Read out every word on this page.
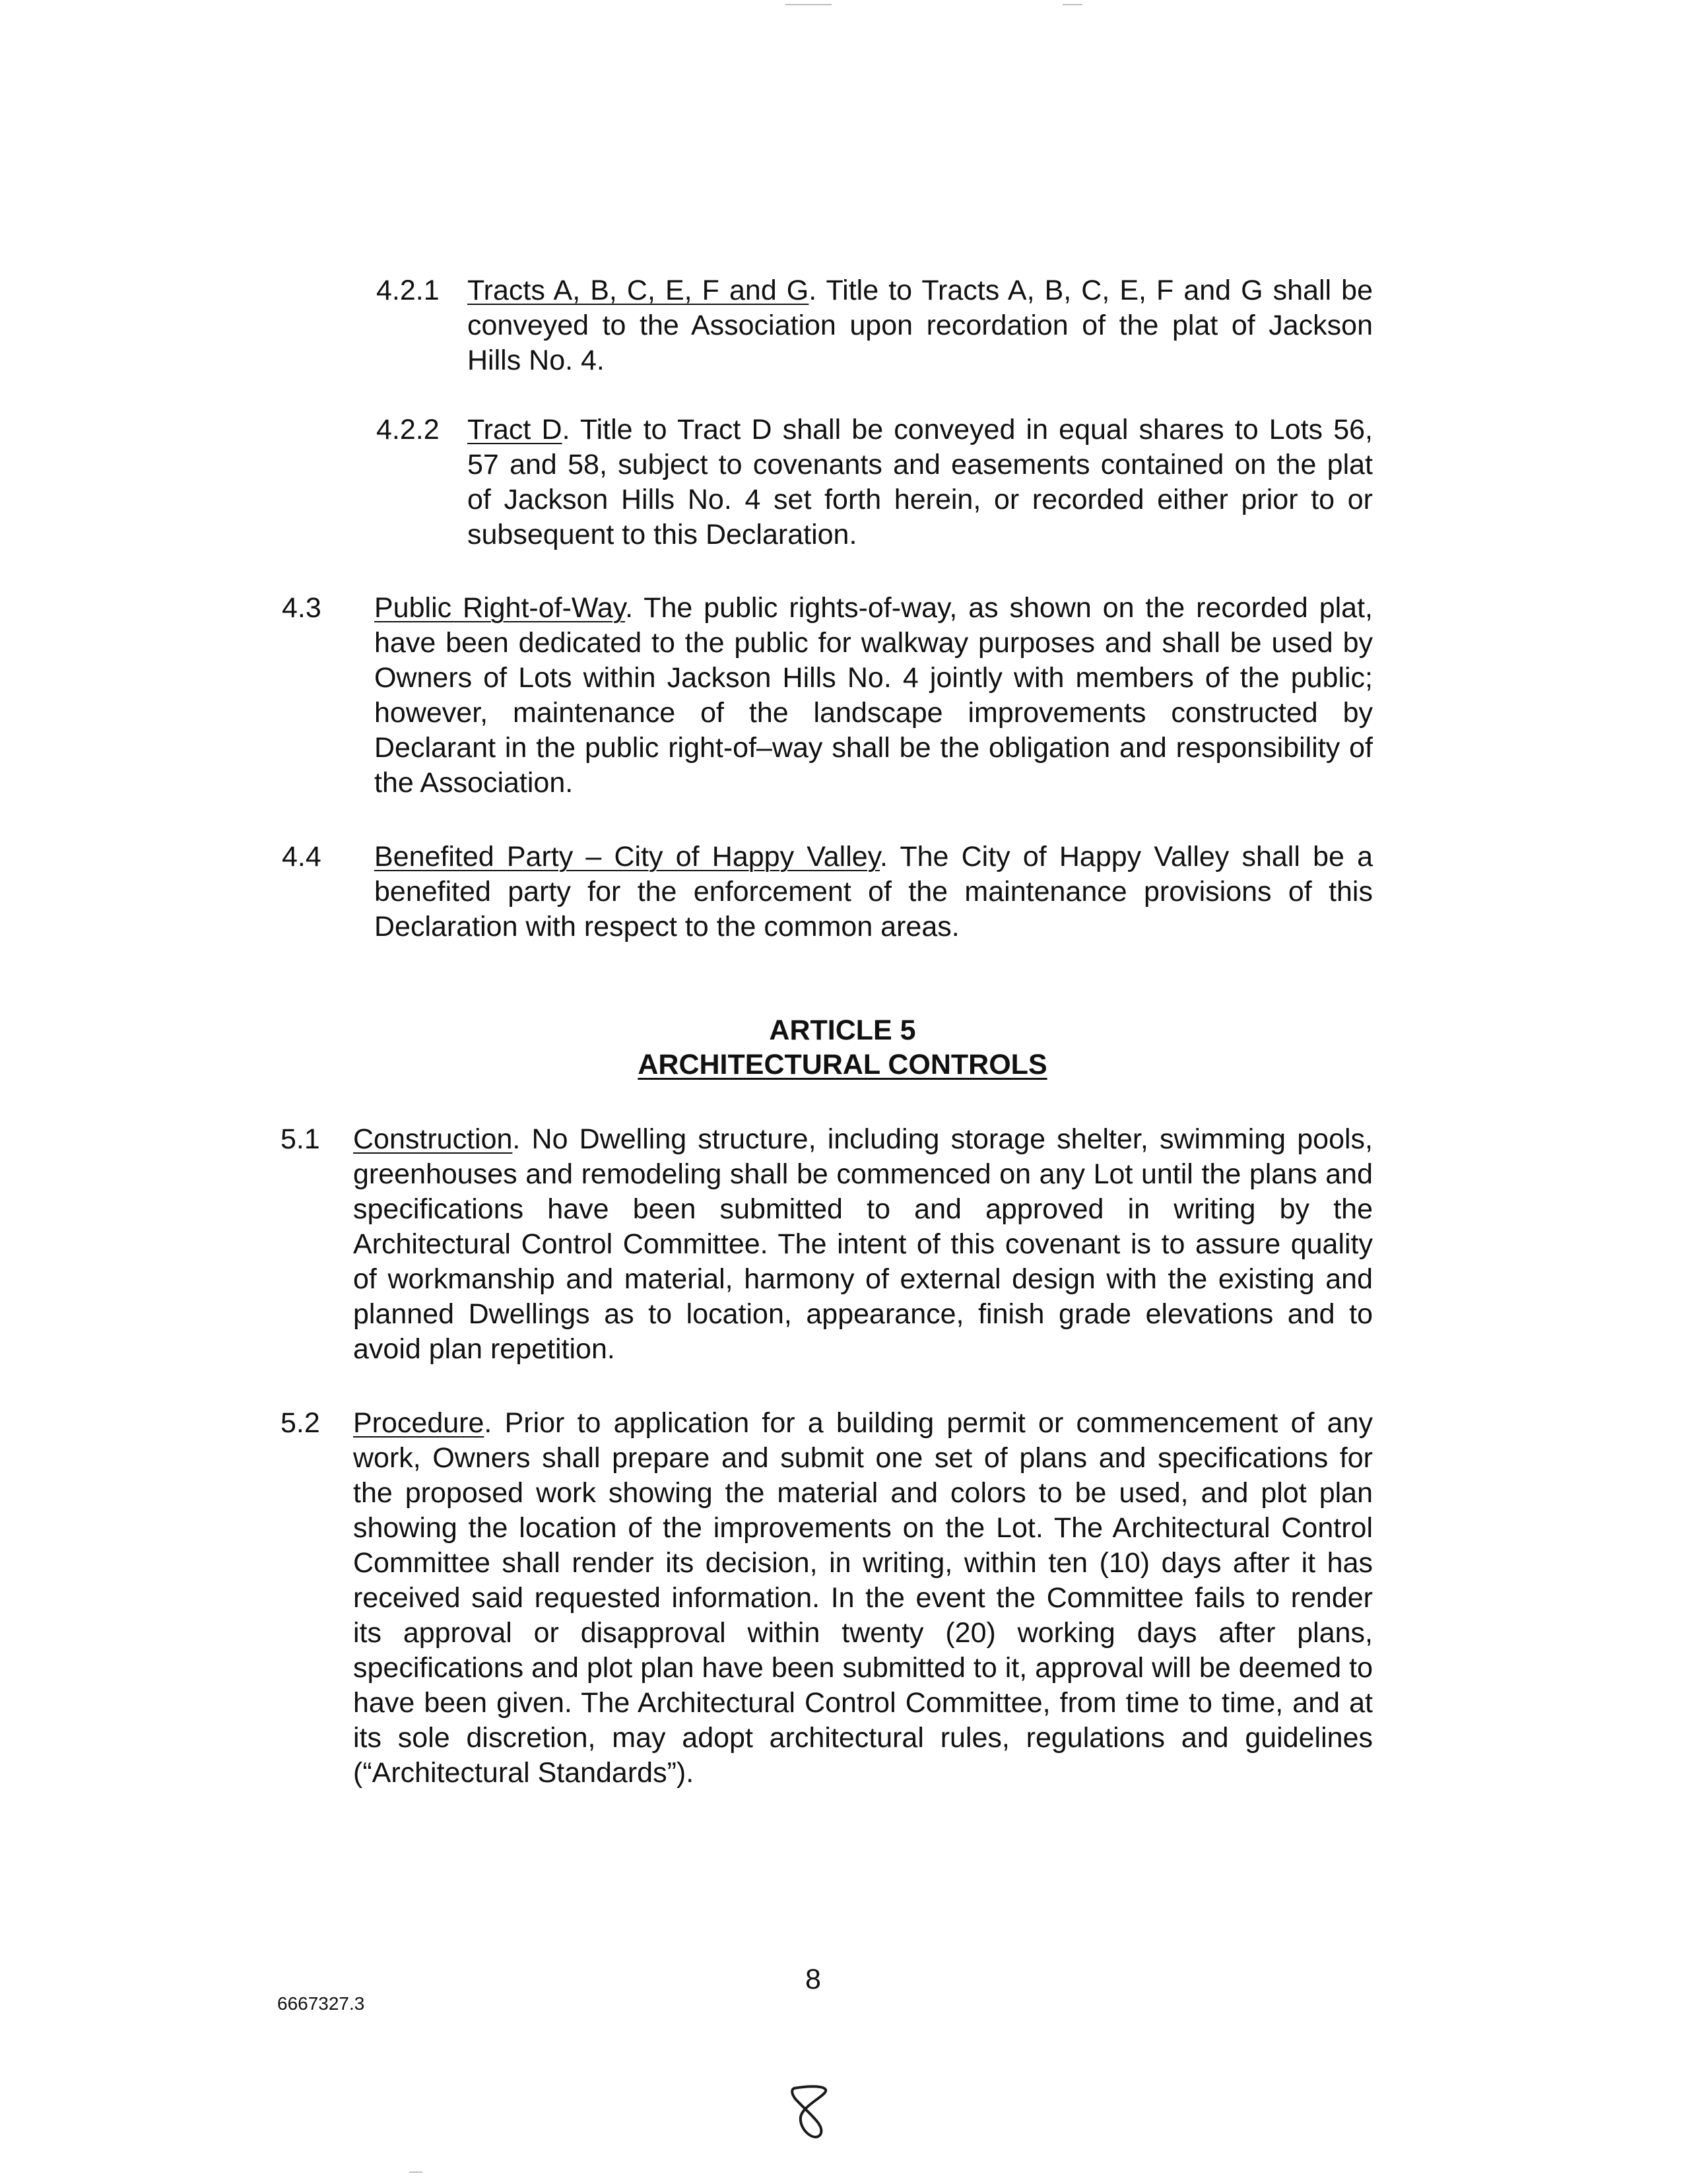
4.2.1 Tracts A, B, C, E, F and G. Title to Tracts A, B, C, E, F and G shall be conveyed to the Association upon recordation of the plat of Jackson Hills No. 4.
4.2.2 Tract D. Title to Tract D shall be conveyed in equal shares to Lots 56, 57 and 58, subject to covenants and easements contained on the plat of Jackson Hills No. 4 set forth herein, or recorded either prior to or subsequent to this Declaration.
4.3 Public Right-of-Way. The public rights-of-way, as shown on the recorded plat, have been dedicated to the public for walkway purposes and shall be used by Owners of Lots within Jackson Hills No. 4 jointly with members of the public; however, maintenance of the landscape improvements constructed by Declarant in the public right-of–way shall be the obligation and responsibility of the Association.
4.4 Benefited Party – City of Happy Valley. The City of Happy Valley shall be a benefited party for the enforcement of the maintenance provisions of this Declaration with respect to the common areas.
ARTICLE 5
ARCHITECTURAL CONTROLS
5.1 Construction. No Dwelling structure, including storage shelter, swimming pools, greenhouses and remodeling shall be commenced on any Lot until the plans and specifications have been submitted to and approved in writing by the Architectural Control Committee. The intent of this covenant is to assure quality of workmanship and material, harmony of external design with the existing and planned Dwellings as to location, appearance, finish grade elevations and to avoid plan repetition.
5.2 Procedure. Prior to application for a building permit or commencement of any work, Owners shall prepare and submit one set of plans and specifications for the proposed work showing the material and colors to be used, and plot plan showing the location of the improvements on the Lot. The Architectural Control Committee shall render its decision, in writing, within ten (10) days after it has received said requested information. In the event the Committee fails to render its approval or disapproval within twenty (20) working days after plans, specifications and plot plan have been submitted to it, approval will be deemed to have been given. The Architectural Control Committee, from time to time, and at its sole discretion, may adopt architectural rules, regulations and guidelines (“Architectural Standards”).
8
6667327.3
